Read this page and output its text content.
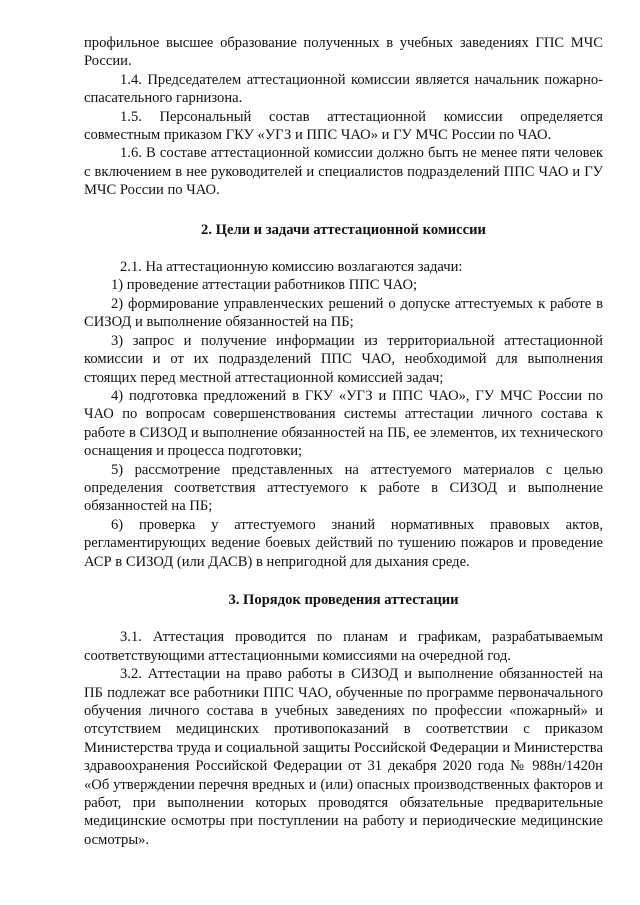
профильное высшее образование полученных в учебных заведениях ГПС МЧС России.

1.4. Председателем аттестационной комиссии является начальник пожарно-спасательного гарнизона.

1.5. Персональный состав аттестационной комиссии определяется совместным приказом ГКУ «УГЗ и ППС ЧАО» и ГУ МЧС России по ЧАО.

1.6. В составе аттестационной комиссии должно быть не менее пяти человек с включением в нее руководителей и специалистов подразделений ППС ЧАО и ГУ МЧС России по ЧАО.

2. Цели и задачи аттестационной комиссии

2.1. На аттестационную комиссию возлагаются задачи:

1) проведение аттестации работников ППС ЧАО;

2) формирование управленческих решений о допуске аттестуемых к работе в СИЗОД и выполнение обязанностей на ПБ;

3) запрос и получение информации из территориальной аттестационной комиссии и от их подразделений ППС ЧАО, необходимой для выполнения стоящих перед местной аттестационной комиссией задач;

4) подготовка предложений в ГКУ «УГЗ и ППС ЧАО», ГУ МЧС России по ЧАО по вопросам совершенствования системы аттестации личного состава к работе в СИЗОД и выполнение обязанностей на ПБ, ее элементов, их технического оснащения и процесса подготовки;

5) рассмотрение представленных на аттестуемого материалов с целью определения соответствия аттестуемого к работе в СИЗОД и выполнение обязанностей на ПБ;

6) проверка у аттестуемого знаний нормативных правовых актов, регламентирующих ведение боевых действий по тушению пожаров и проведение АСР в СИЗОД (или ДАСВ) в непригодной для дыхания среде.

3. Порядок проведения аттестации

3.1. Аттестация проводится по планам и графикам, разрабатываемым соответствующими аттестационными комиссиями на очередной год.

3.2. Аттестации на право работы в СИЗОД и выполнение обязанностей на ПБ подлежат все работники ППС ЧАО, обученные по программе первоначального обучения личного состава в учебных заведениях по профессии «пожарный» и отсутствием медицинских противопоказаний в соответствии с приказом Министерства труда и социальной защиты Российской Федерации и Министерства здравоохранения Российской Федерации от 31 декабря 2020 года № 988н/1420н «Об утверждении перечня вредных и (или) опасных производственных факторов и работ, при выполнении которых проводятся обязательные предварительные медицинские осмотры при поступлении на работу и периодические медицинские осмотры».
